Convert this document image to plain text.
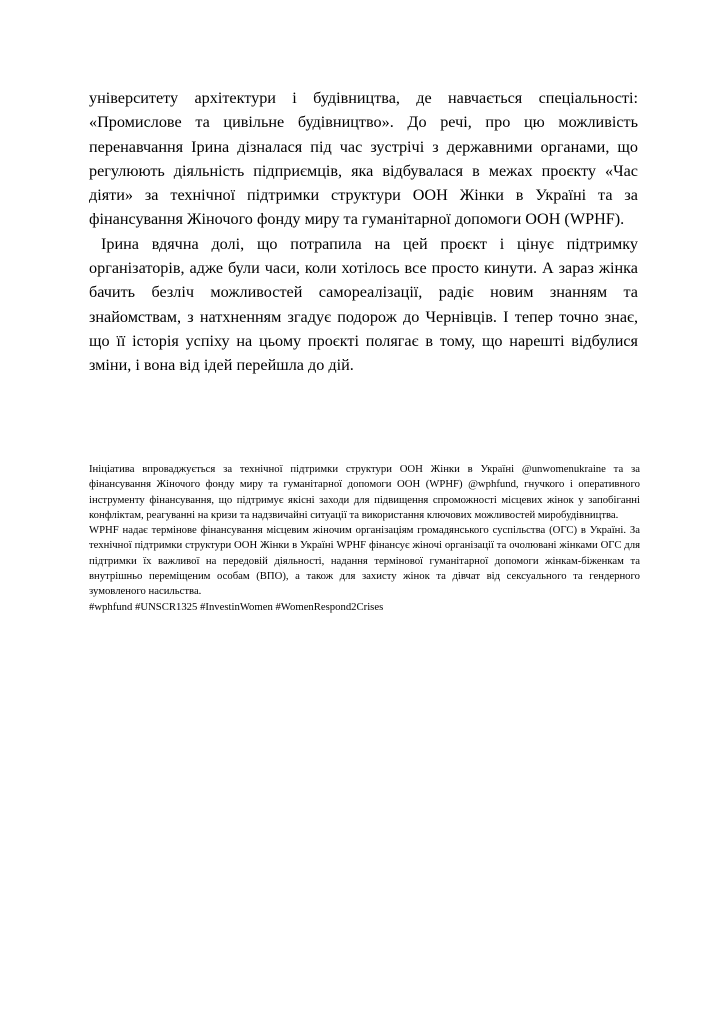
університету архітектури і будівництва, де навчається спеціальності: «Промислове та цивільне будівництво». До речі, про цю можливість перенавчання Ірина дізналася під час зустрічі з державними органами, що регулюють діяльність підприємців, яка відбувалася в межах проєкту «Час діяти» за технічної підтримки структури ООН Жінки в Україні та за фінансування Жіночого фонду миру та гуманітарної допомоги ООН (WPHF).

Ірина вдячна долі, що потрапила на цей проєкт і цінує підтримку організаторів, адже були часи, коли хотілось все просто кинути. А зараз жінка бачить безліч можливостей самореалізації, радіє новим знанням та знайомствам, з натхненням згадує подорож до Чернівців. І тепер точно знає, що її історія успіху на цьому проєкті полягає в тому, що нарешті відбулися зміни, і вона від ідей перейшла до дій.

Ініціатива впроваджується за технічної підтримки структури ООН Жінки в Україні @unwomenukraine та за фінансування Жіночого фонду миру та гуманітарної допомоги ООН (WPHF) @wphfund, гнучкого і оперативного інструменту фінансування, що підтримує якісні заходи для підвищення спроможності місцевих жінок у запобіганні конфліктам, реагуванні на кризи та надзвичайні ситуації та використання ключових можливостей миробудівництва.

WPHF надає термінове фінансування місцевим жіночим організаціям громадянського суспільства (ОГС) в Україні. За технічної підтримки структури ООН Жінки в Україні WPHF фінансує жіночі організації та очолювані жінками ОГС для підтримки їх важливої на передовій діяльності, надання термінової гуманітарної допомоги жінкам-біженкам та внутрішньо переміщеним особам (ВПО), а також для захисту жінок та дівчат від сексуального та гендерного зумовленого насильства.

#wphfund #UNSCR1325 #InvestinWomen #WomenRespond2Crises
